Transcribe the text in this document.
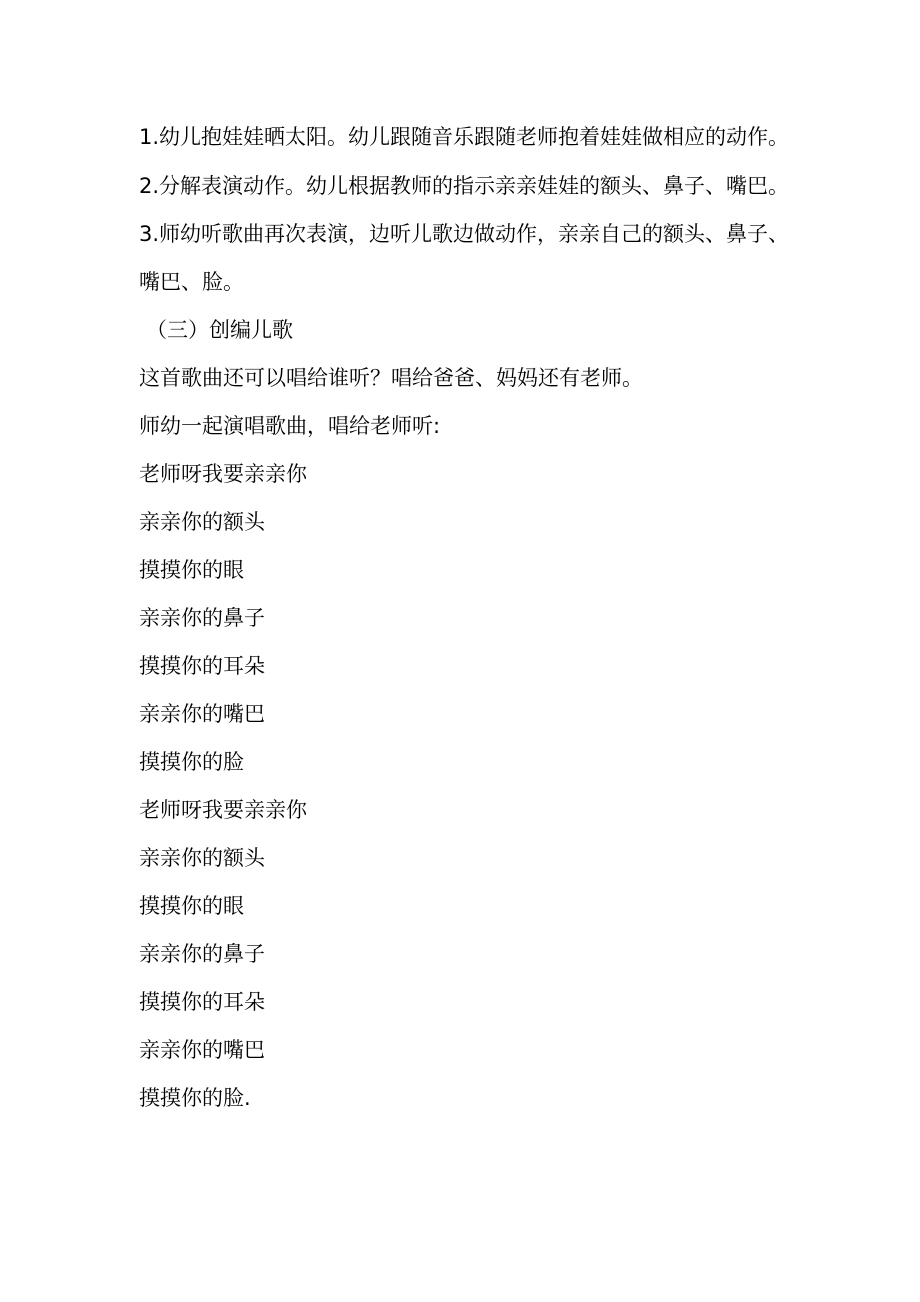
1.幼儿抱娃娃晒太阳。幼儿跟随音乐跟随老师抱着娃娃做相应的动作。
2.分解表演动作。幼儿根据教师的指示亲亲娃娃的额头、鼻子、嘴巴。
3.师幼听歌曲再次表演，边听儿歌边做动作，亲亲自己的额头、鼻子、
嘴巴、脸。
（三）创编儿歌
这首歌曲还可以唱给谁听？唱给爸爸、妈妈还有老师。
师幼一起演唱歌曲，唱给老师听:
老师呀我要亲亲你
亲亲你的额头
摸摸你的眼
亲亲你的鼻子
摸摸你的耳朵
亲亲你的嘴巴
摸摸你的脸
老师呀我要亲亲你
亲亲你的额头
摸摸你的眼
亲亲你的鼻子
摸摸你的耳朵
亲亲你的嘴巴
摸摸你的脸.
